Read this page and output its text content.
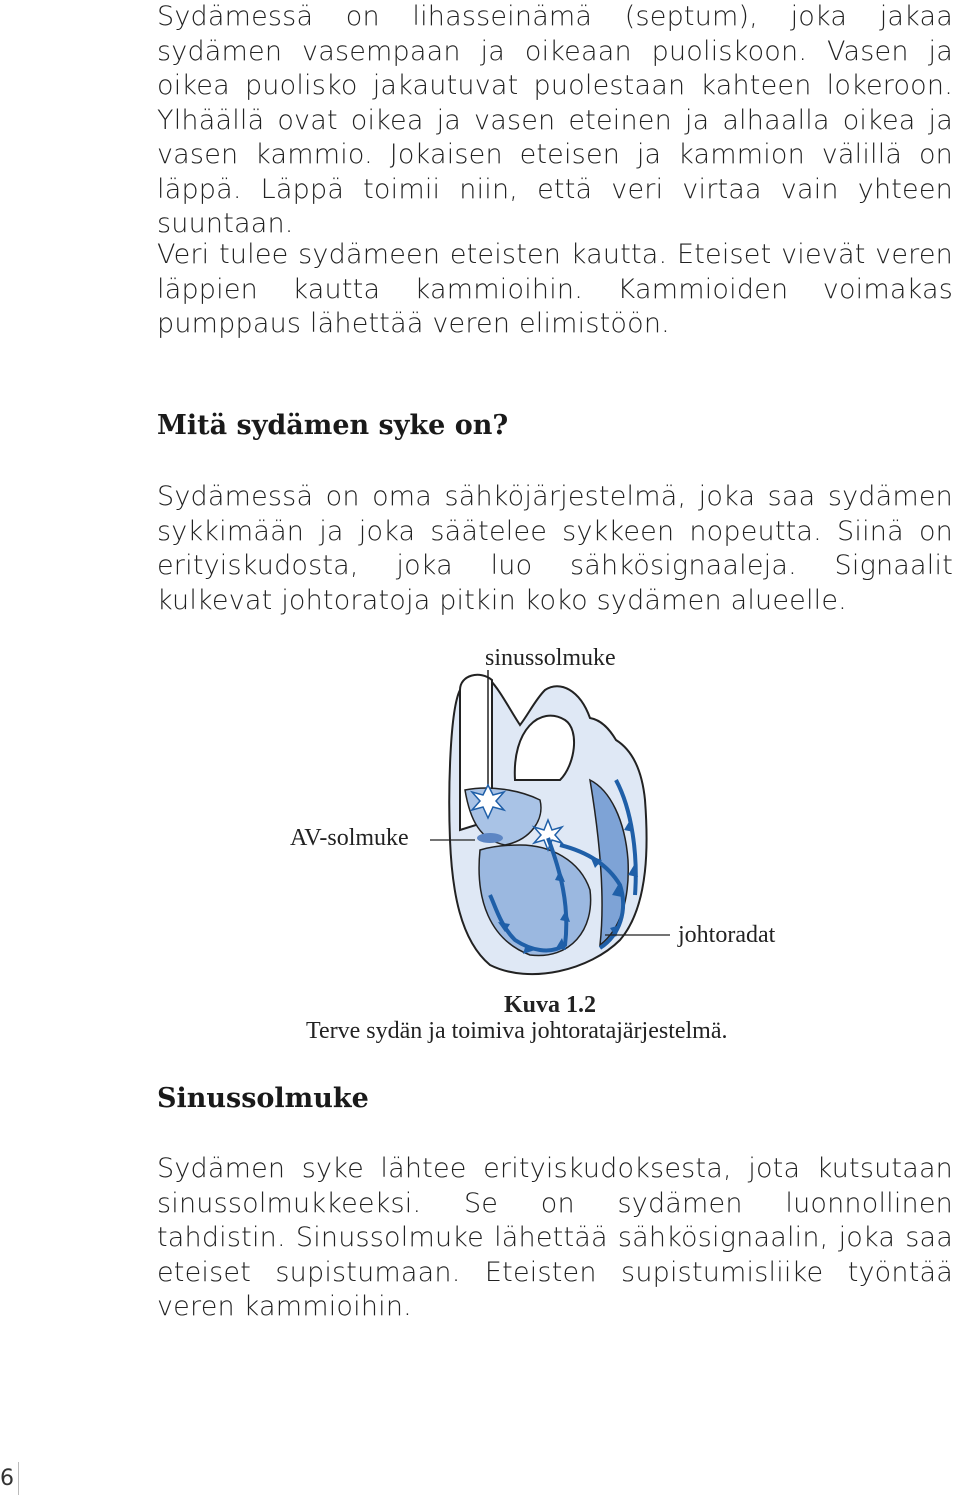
Sydämessä on lihasseinämä (septum), joka jakaa sydämen vasempaan ja oikeaan puoliskoon. Vasen ja oikea puolisko jakautuvat puolestaan kahteen lokeroon. Ylhäällä ovat oikea ja vasen eteinen ja alhaalla oikea ja vasen kammio. Jokaisen eteisen ja kammion välillä on läppä. Läppä toimii niin, että veri virtaa vain yhteen suuntaan.

Veri tulee sydämeen eteisten kautta. Eteiset vievät veren läppien kautta kammioihin. Kammioiden voimakas pumppaus lähettää veren elimistöön.

Mitä sydämen syke on?

Sydämessä on oma sähköjärjestelmä, joka saa sydämen sykkimään ja joka säätelee sykkeen nopeutta. Siinä on erityiskudosta, joka luo sähkösignaaleja. Signaalit kulkevat johtoratoja pitkin koko sydämen alueelle.

sinussolmuke

AV-solmuke

johtoradat

Kuva 1.2

Terve sydän ja toimiva johtoratajärjestelmä.

Sinussolmuke

Sydämen syke lähtee erityiskudoksesta, jota kutsutaan sinussolmukkeeksi. Se on sydämen luonnollinen tahdistin. Sinussolmuke lähettää sähkösignaalin, joka saa eteiset supistumaan. Eteisten supistumisliike työntää veren kammioihin.

6
